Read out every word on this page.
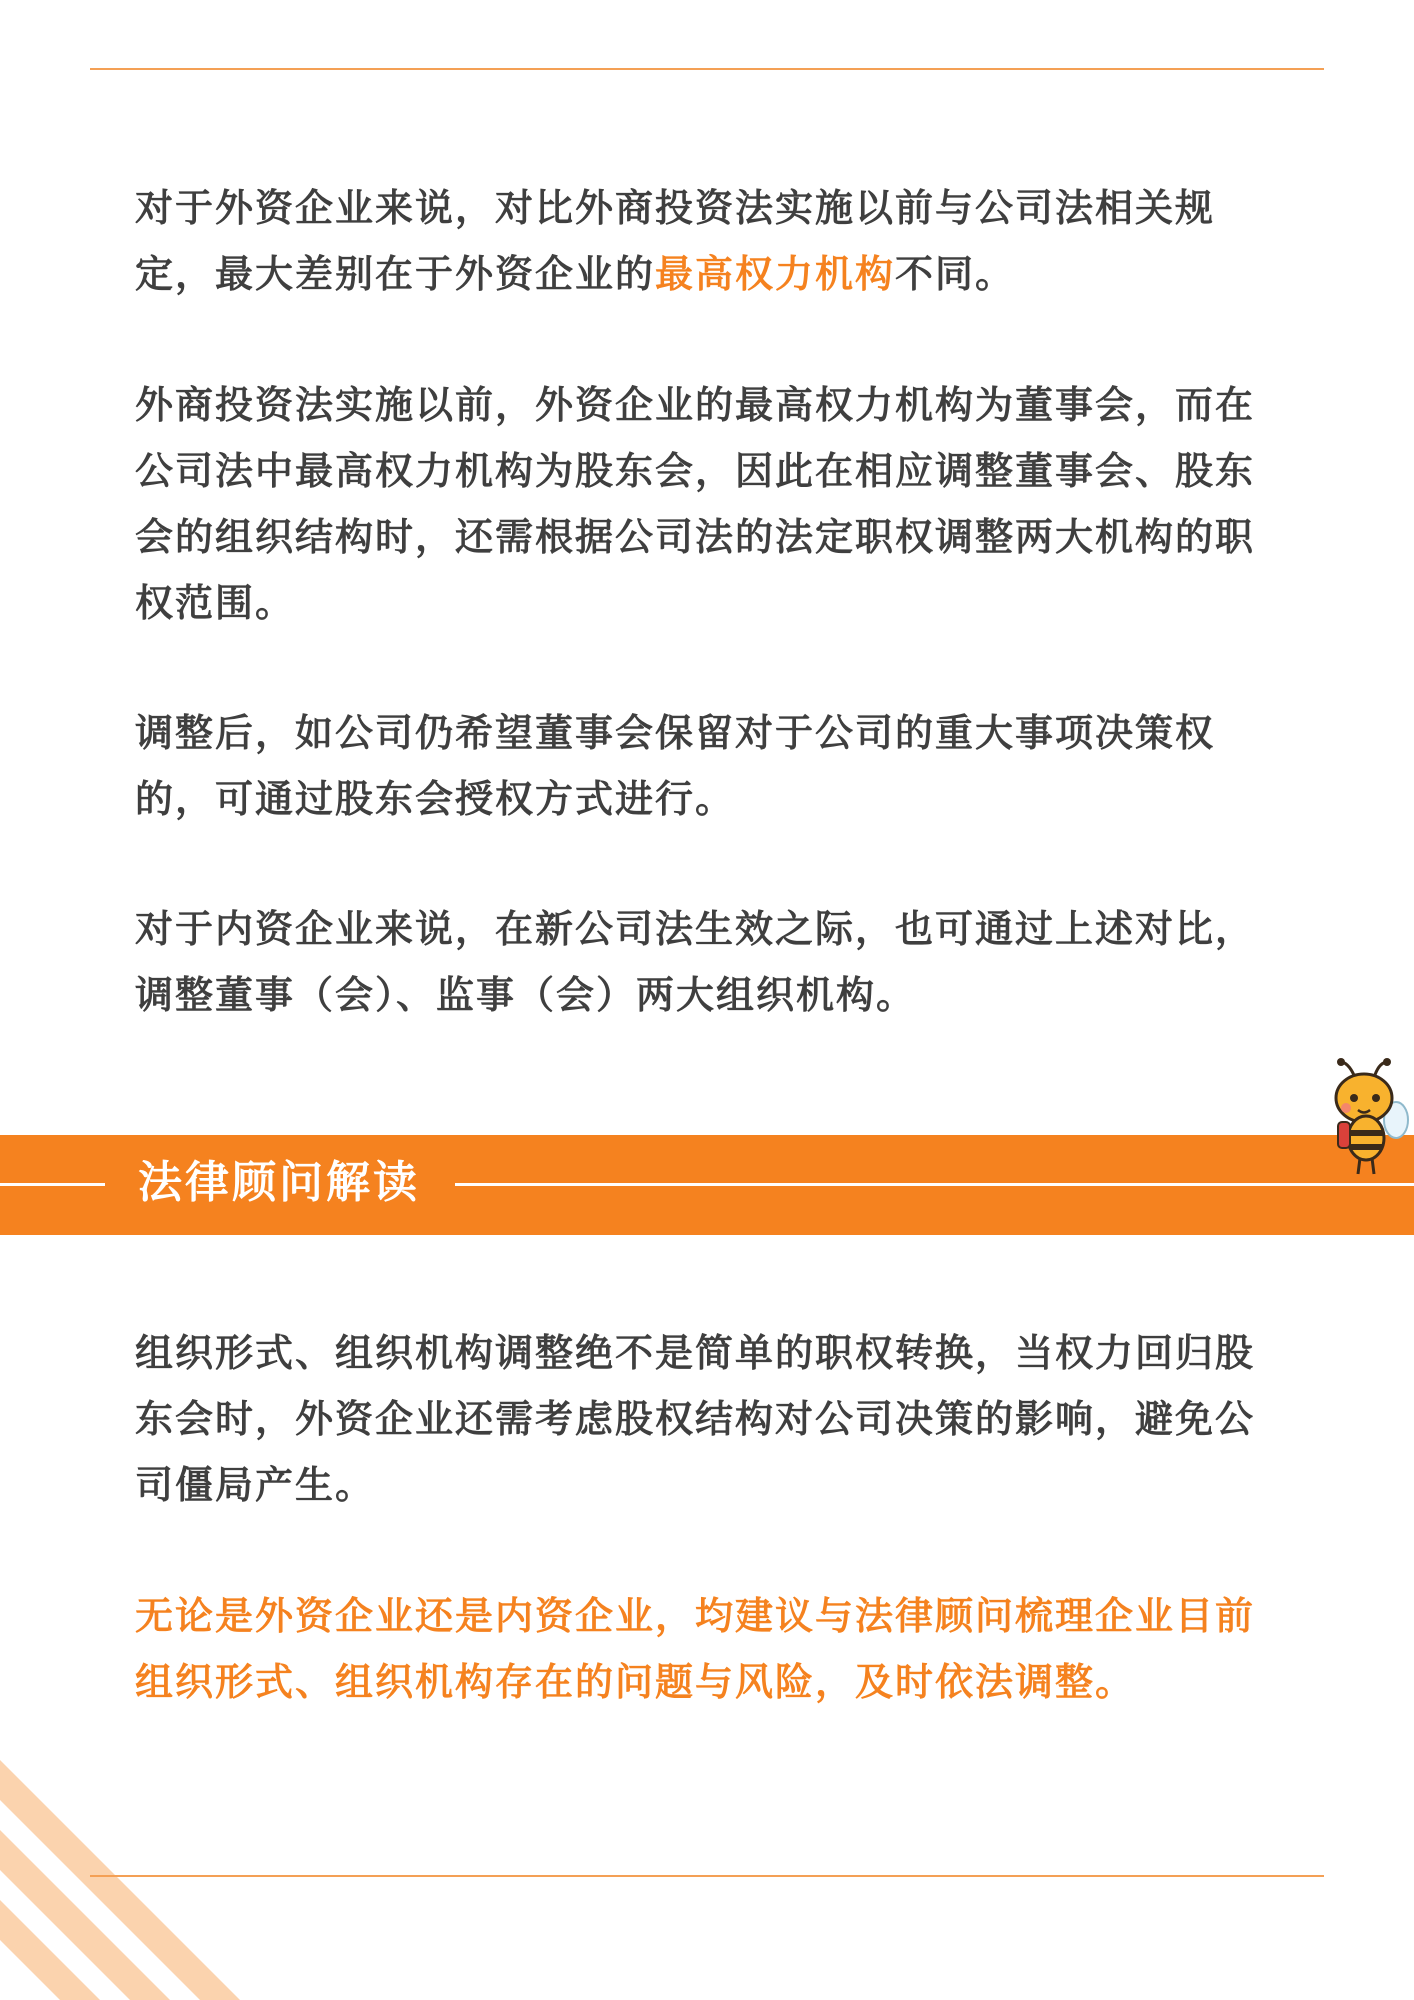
对于外资企业来说，对比外商投资法实施以前与公司法相关规定，最大差别在于外资企业的最高权力机构不同。

外商投资法实施以前，外资企业的最高权力机构为董事会，而在公司法中最高权力机构为股东会，因此在相应调整董事会、股东会的组织结构时，还需根据公司法的法定职权调整两大机构的职权范围。

调整后，如公司仍希望董事会保留对于公司的重大事项决策权的，可通过股东会授权方式进行。

对于内资企业来说，在新公司法生效之际，也可通过上述对比，调整董事（会）、监事（会）两大组织机构。

法律顾问解读

组织形式、组织机构调整绝不是简单的职权转换，当权力回归股东会时，外资企业还需考虑股权结构对公司决策的影响，避免公司僵局产生。

无论是外资企业还是内资企业，均建议与法律顾问梳理企业目前组织形式、组织机构存在的问题与风险，及时依法调整。
